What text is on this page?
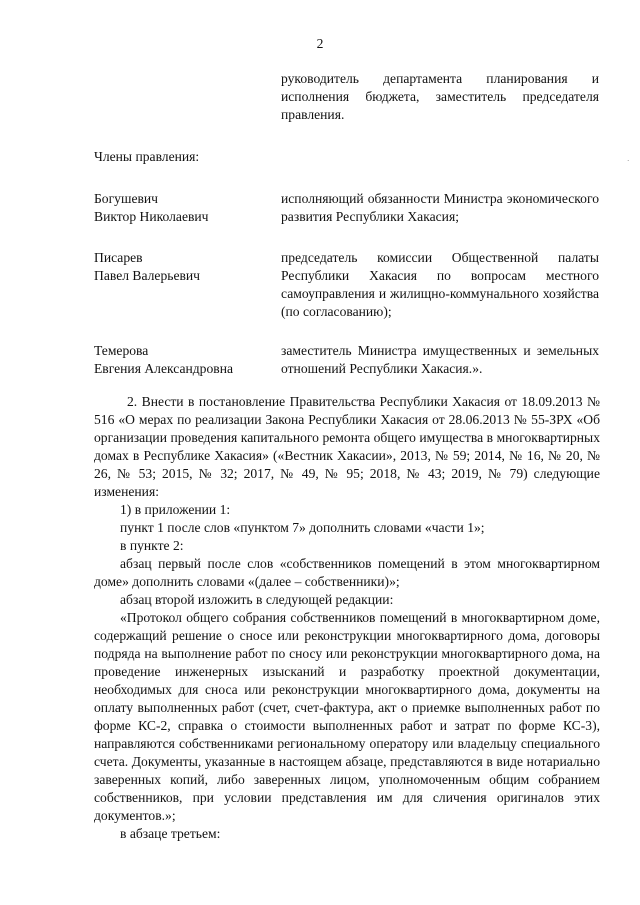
2
руководитель департамента планирования и исполнения бюджета, заместитель председателя правления.
Члены правления:	·
Богушевич
Виктор Николаевич
исполняющий обязанности Министра экономического развития Республики Хакасия;
Писарев
Павел Валерьевич
председатель комиссии Общественной палаты Республики Хакасия по вопросам местного самоуправления и жилищно-коммунального хозяйства (по согласованию);
Темерова
Евгения Александровна
заместитель Министра имущественных и земельных отношений Республики Хакасия.».

2. Внести в постановление Правительства Республики Хакасия от 18.09.2013 № 516 «О мерах по реализации Закона Республики Хакасия от 28.06.2013 № 55-ЗРХ «Об организации проведения капитального ремонта общего имущества в многоквартирных домах в Республике Хакасия» («Вестник Хакасии», 2013, № 59; 2014, № 16, № 20, № 26, № 53; 2015, № 32; 2017, № 49, № 95; 2018, № 43; 2019, № 79) следующие изменения:

1) в приложении 1:

пункт 1 после слов «пунктом 7» дополнить словами «части 1»;

в пункте 2:

абзац первый после слов «собственников помещений в этом многоквартирном доме» дополнить словами «(далее – собственники)»;

абзац второй изложить в следующей редакции:

«Протокол общего собрания собственников помещений в многоквартирном доме, содержащий решение о сносе или реконструкции многоквартирного дома, договоры подряда на выполнение работ по сносу или реконструкции многоквартирного дома, на проведение инженерных изысканий и разработку проектной документации, необходимых для сноса или реконструкции многоквартирного дома, документы на оплату выполненных работ (счет, счет-фактура, акт о приемке выполненных работ по форме КС-2, справка о стоимости выполненных работ и затрат по форме КС-3), направляются собственниками региональному оператору или владельцу специального счета. Документы, указанные в настоящем абзаце, представляются в виде нотариально заверенных копий, либо заверенных лицом, уполномоченным общим собранием собственников, при условии представления им для сличения оригиналов этих документов.»;

в абзаце третьем:
